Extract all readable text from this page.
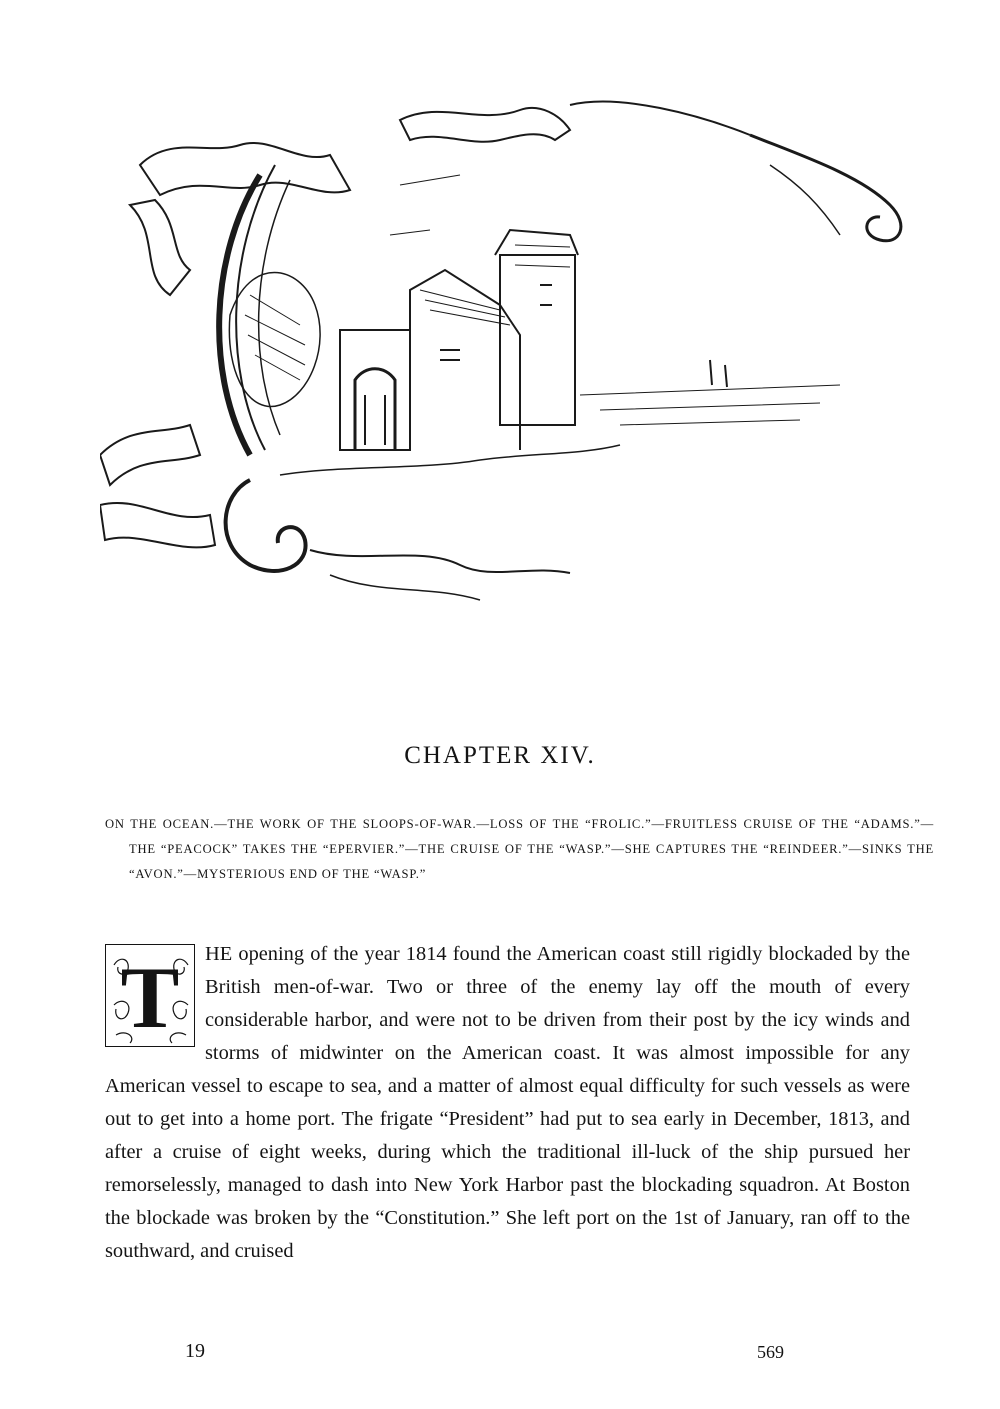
CHAPTER XIV.
ON THE OCEAN.—THE WORK OF THE SLOOPS-OF-WAR.—LOSS OF THE “FROLIC.”—FRUITLESS CRUISE OF THE “ADAMS.”—THE “PEACOCK” TAKES THE “EPERVIER.”—THE CRUISE OF THE “WASP.”—SHE CAPTURES THE “REINDEER.”—SINKS THE “AVON.”—MYSTERIOUS END OF THE “WASP.”
T	HE opening of the year 1814 found the American coast still rigidly blockaded by the British men-of-war. Two or three of the enemy lay off the mouth of every considerable harbor, and were not to be driven from their post by the icy winds and storms of midwinter on the American coast. It was almost impossible for any American vessel to escape to sea, and a matter of almost equal difficulty for such vessels as were out to get into a home port. The frigate “President” had put to sea early in December, 1813, and after a cruise of eight weeks, during which the traditional ill-luck of the ship pursued her remorselessly, managed to dash into New York Harbor past the blockading squadron. At Boston the blockade was broken by the “Constitution.” She left port on the 1st of January, ran off to the southward, and cruised
19	569
